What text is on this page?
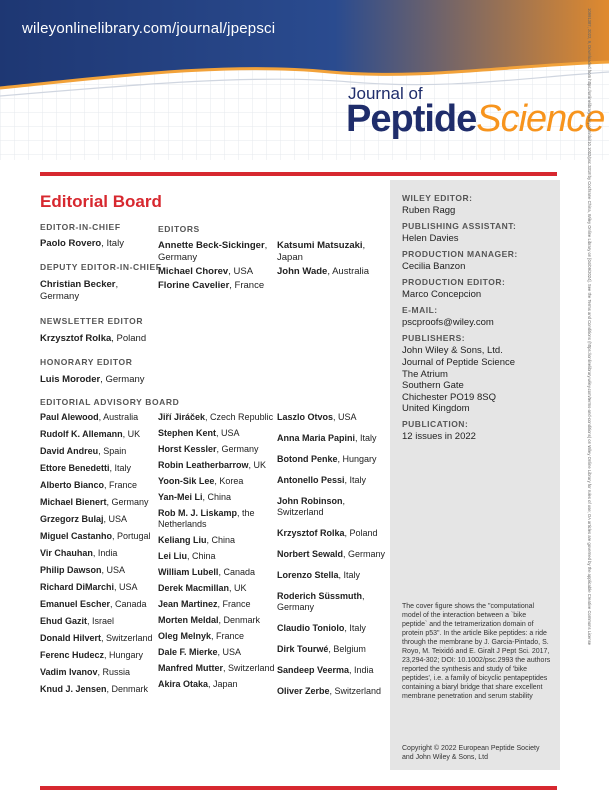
wileyonlinelibrary.com/journal/jpepsci
Journal of
PeptideScience
10991387, 2022, 9, Downloaded from https://onlinelibrary.wiley.com/doi/10.1002/psc.3318 by Cochrane China, Wiley Online Library on [04/09/2024]. See the Terms and Conditions (https://onlinelibrary.wiley.com/terms-and-conditions) on Wiley Online Library for rules of use; OA articles are governed by the applicable Creative Commons License
Editorial Board
EDITOR-IN-CHIEF
Paolo Rovero, Italy
DEPUTY EDITOR-IN-CHIEF
Christian Becker, Germany
NEWSLETTER EDITOR
Krzysztof Rolka, Poland
HONORARY EDITOR
Luis Moroder, Germany
EDITORS
Annette Beck-Sickinger, Germany
Michael Chorev, USA
Florine Cavelier, France
Katsumi Matsuzaki, Japan
John Wade, Australia
EDITORIAL ADVISORY BOARD
Paul Alewood, Australia
Rudolf K. Allemann, UK
David Andreu, Spain
Ettore Benedetti, Italy
Alberto Bianco, France
Michael Bienert, Germany
Grzegorz Bulaj, USA
Miguel Castanho, Portugal
Vir Chauhan, India
Philip Dawson, USA
Richard DiMarchi, USA
Emanuel Escher, Canada
Ehud Gazit, Israel
Donald Hilvert, Switzerland
Ferenc Hudecz, Hungary
Vadim Ivanov, Russia
Knud J. Jensen, Denmark
Jiří Jiráček, Czech Republic
Stephen Kent, USA
Horst Kessler, Germany
Robin Leatherbarrow, UK
Yoon-Sik Lee, Korea
Yan-Mei Li, China
Rob M. J. Liskamp, the Netherlands
Keliang Liu, China
Lei Liu, China
William Lubell, Canada
Derek Macmillan, UK
Jean Martinez, France
Morten Meldal, Denmark
Oleg Melnyk, France
Dale F. Mierke, USA
Manfred Mutter, Switzerland
Akira Otaka, Japan
Laszlo Otvos, USA
Anna Maria Papini, Italy
Botond Penke, Hungary
Antonello Pessi, Italy
John Robinson, Switzerland
Krzysztof Rolka, Poland
Norbert Sewald, Germany
Lorenzo Stella, Italy
Roderich Süssmuth, Germany
Claudio Toniolo, Italy
Dirk Tourwé, Belgium
Sandeep Veerma, India
Oliver Zerbe, Switzerland
WILEY EDITOR:
Ruben Ragg
PUBLISHING ASSISTANT:
Helen Davies
PRODUCTION MANAGER:
Cecilia Banzon
PRODUCTION EDITOR:
Marco Concepcion
E-MAIL:
pscproofs@wiley.com
PUBLISHERS:
John Wiley & Sons, Ltd.
Journal of Peptide Science
The Atrium
Southern Gate
Chichester PO19 8SQ
United Kingdom
PUBLICATION:
12 issues in 2022
The cover figure shows the "computational model of the interaction between a `bike peptide` and the tetramerization domain of protein p53". In the article Bike peptides: a ride through the membrane by J. Garcia-Pintado, S. Royo, M. Teixidó and E. Giralt J Pept Sci. 2017, 23,294-302; DOI: 10.1002/psc.2993 the authors reported the synthesis and study of 'bike peptides', i.e. a family of bicyclic pentapeptides containing a biaryl bridge that share excellent membrane penetration and serum stability
Copyright © 2022 European Peptide Society and John Wiley & Sons, Ltd
